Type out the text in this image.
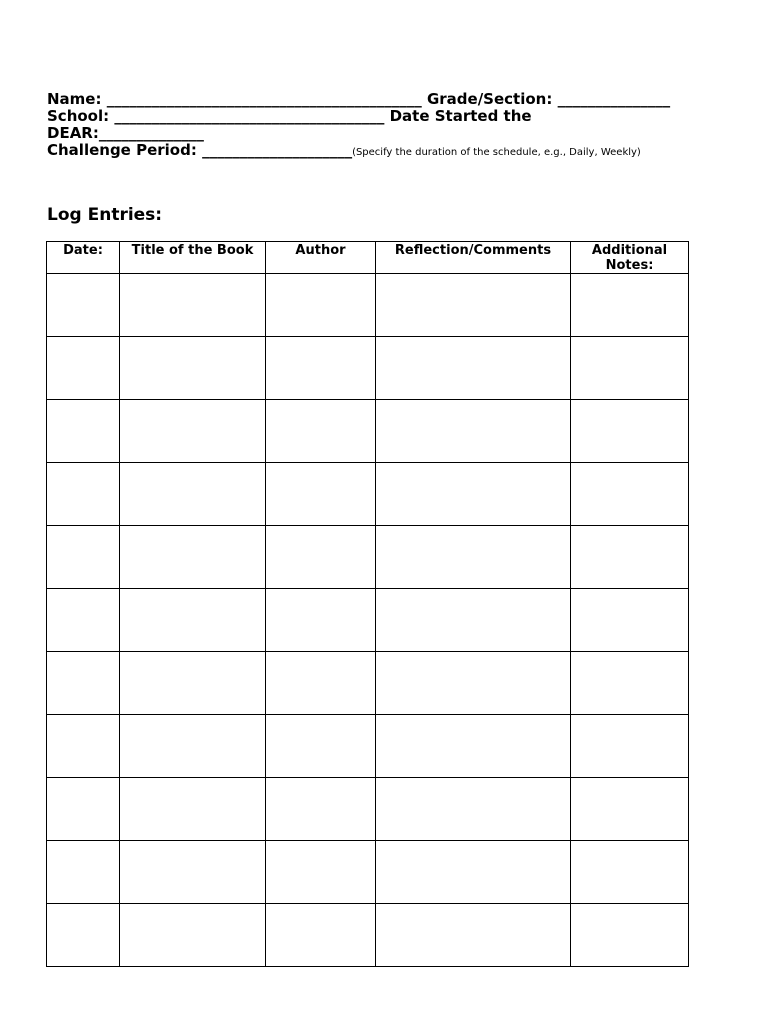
Name: __________________________________________ Grade/Section: _______________
School: ____________________________________ Date Started the
DEAR:______________
Challenge Period: ____________________(Specify the duration of the schedule, e.g., Daily, Weekly)
Log Entries:
Date:	Title of the Book	Author	Reflection/Comments	Additional Notes:
